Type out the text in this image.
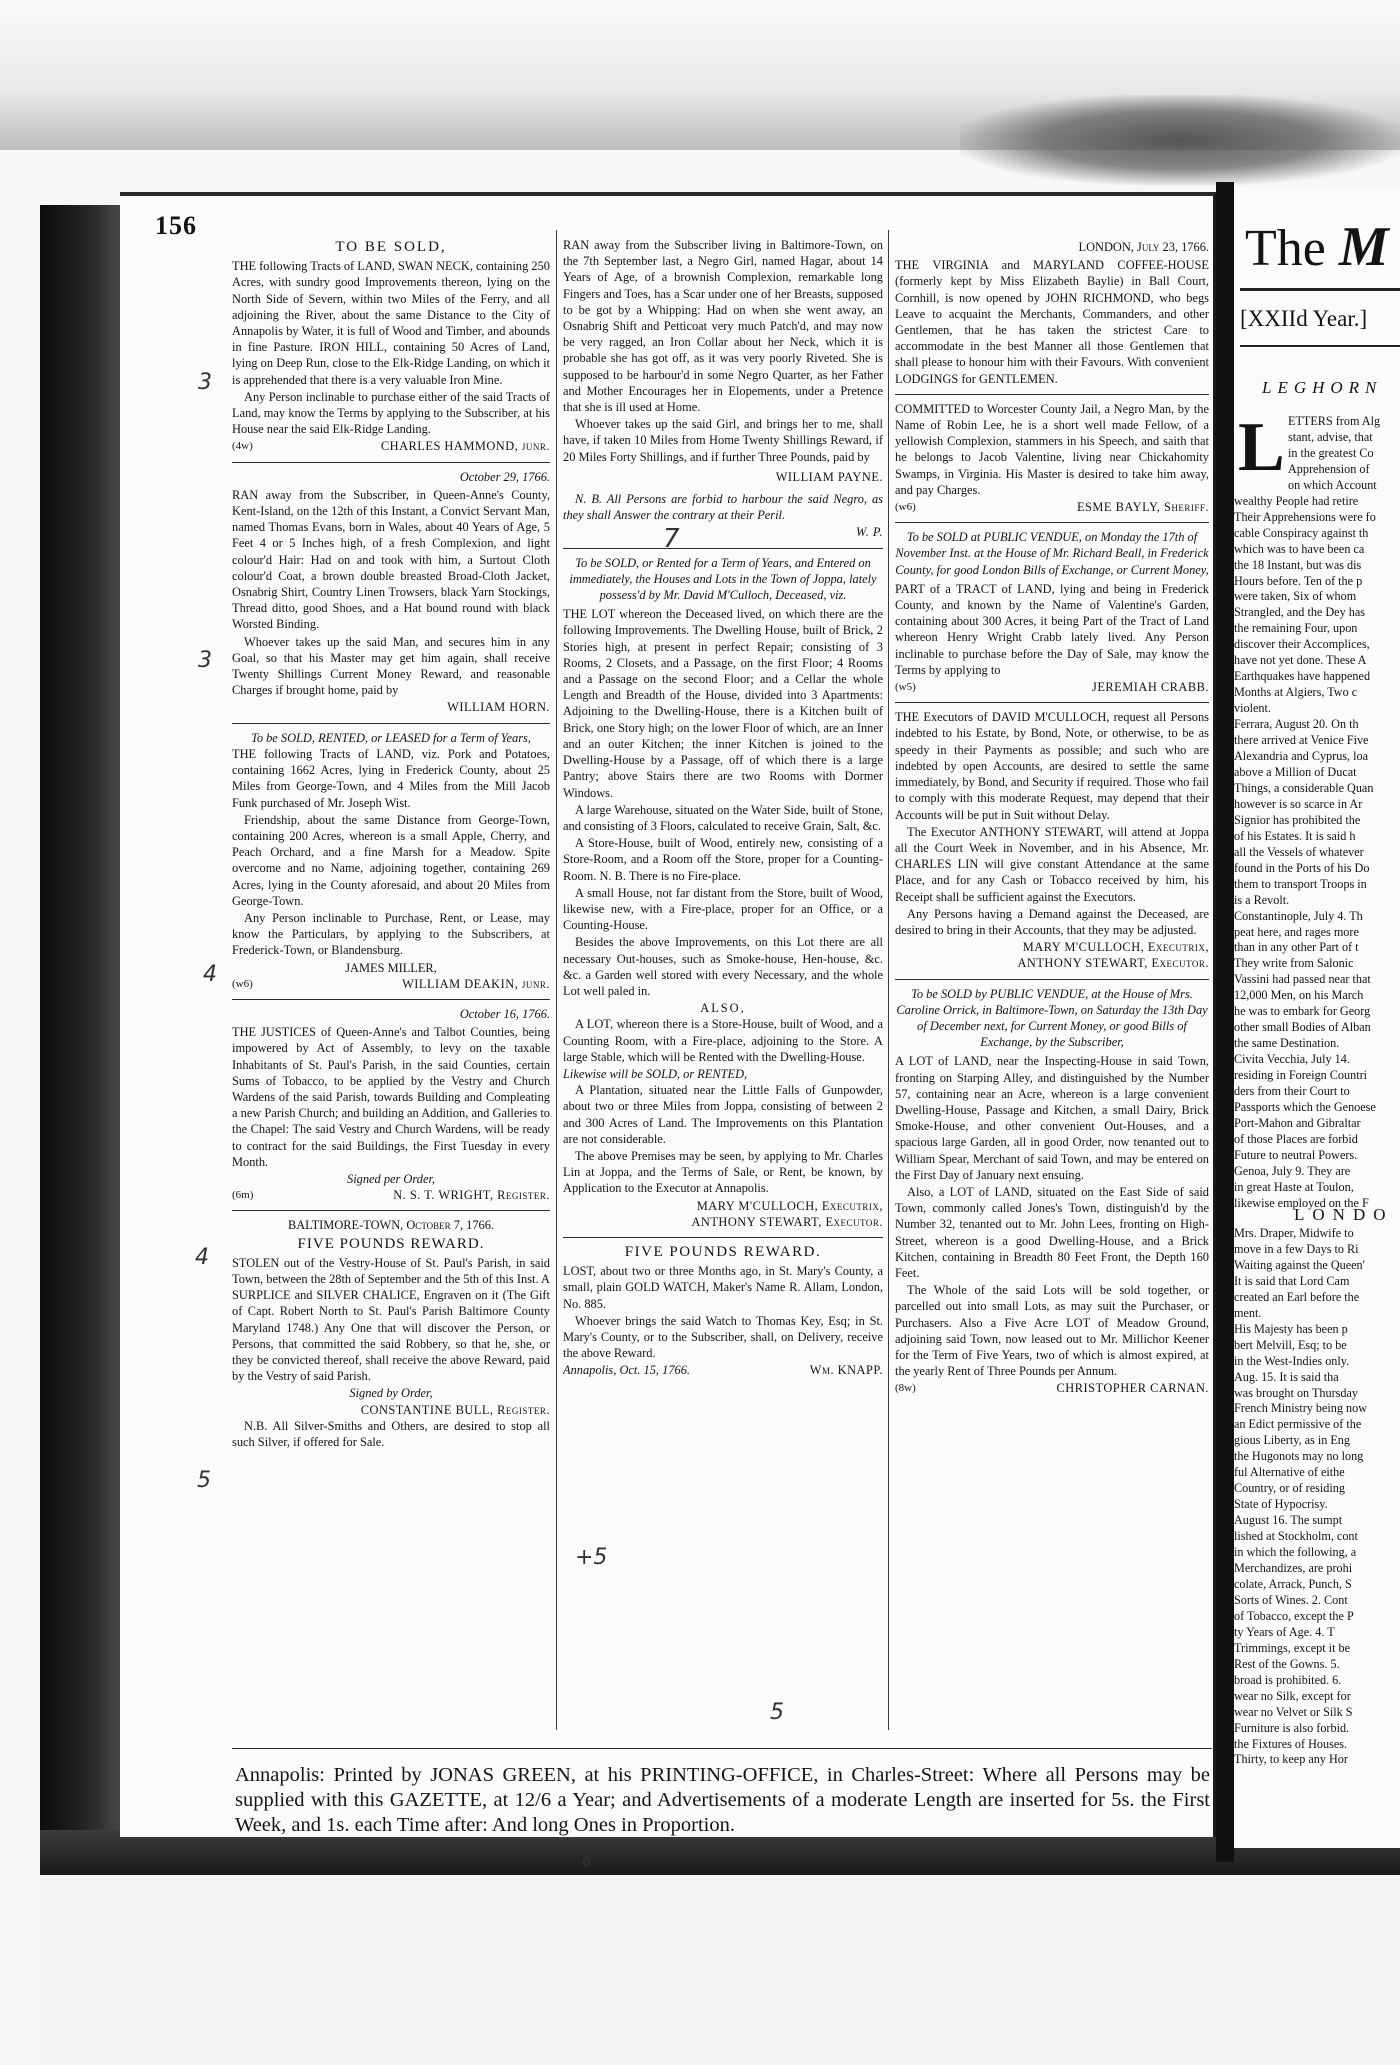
156
3
3
4
4
5
7
+5
5
6
TO BE SOLD,

THE following Tracts of LAND, SWAN NECK, containing 250 Acres, with sundry good Improvements thereon, lying on the North Side of Severn, within two Miles of the Ferry, and all adjoining the River, about the same Distance to the City of Annapolis by Water, it is full of Wood and Timber, and abounds in fine Pasture. IRON HILL, containing 50 Acres of Land, lying on Deep Run, close to the Elk-Ridge Landing, on which it is apprehended that there is a very valuable Iron Mine.

Any Person inclinable to purchase either of the said Tracts of Land, may know the Terms by applying to the Subscriber, at his House near the said Elk-Ridge Landing.

(4w)	CHARLES HAMMOND, junr.
October 29, 1766.

RAN away from the Subscriber, in Queen-Anne's County, Kent-Island, on the 12th of this Instant, a Convict Servant Man, named Thomas Evans, born in Wales, about 40 Years of Age, 5 Feet 4 or 5 Inches high, of a fresh Complexion, and light colour'd Hair: Had on and took with him, a Surtout Cloth colour'd Coat, a brown double breasted Broad-Cloth Jacket, Osnabrig Shirt, Country Linen Trowsers, black Yarn Stockings, Thread ditto, good Shoes, and a Hat bound round with black Worsted Binding.

Whoever takes up the said Man, and secures him in any Goal, so that his Master may get him again, shall receive Twenty Shillings Current Money Reward, and reasonable Charges if brought home, paid by

WILLIAM HORN.
To be SOLD, RENTED, or LEASED for a Term of Years,

THE following Tracts of LAND, viz. Pork and Potatoes, containing 1662 Acres, lying in Frederick County, about 25 Miles from George-Town, and 4 Miles from the Mill Jacob Funk purchased of Mr. Joseph Wist.

Friendship, about the same Distance from George-Town, containing 200 Acres, whereon is a small Apple, Cherry, and Peach Orchard, and a fine Marsh for a Meadow. Spite overcome and no Name, adjoining together, containing 269 Acres, lying in the County aforesaid, and about 20 Miles from George-Town.

Any Person inclinable to Purchase, Rent, or Lease, may know the Particulars, by applying to the Subscribers, at Frederick-Town, or Blandensburg.

JAMES MILLER,
(w6)	WILLIAM DEAKIN, junr.
October 16, 1766.

THE JUSTICES of Queen-Anne's and Talbot Counties, being impowered by Act of Assembly, to levy on the taxable Inhabitants of St. Paul's Parish, in the said Counties, certain Sums of Tobacco, to be applied by the Vestry and Church Wardens of the said Parish, towards Building and Compleating a new Parish Church; and building an Addition, and Galleries to the Chapel: The said Vestry and Church Wardens, will be ready to contract for the said Buildings, the First Tuesday in every Month.

Signed per Order,
(6m)	N. S. T. WRIGHT, Register.
BALTIMORE-TOWN, October 7, 1766.
FIVE POUNDS REWARD.

STOLEN out of the Vestry-House of St. Paul's Parish, in said Town, between the 28th of September and the 5th of this Inst. A SURPLICE and SILVER CHALICE, Engraven on it (The Gift of Capt. Robert North to St. Paul's Parish Baltimore County Maryland 1748.) Any One that will discover the Person, or Persons, that committed the said Robbery, so that he, she, or they be convicted thereof, shall receive the above Reward, paid by the Vestry of said Parish.

Signed by Order,
CONSTANTINE BULL, Register.

N.B. All Silver-Smiths and Others, are desired to stop all such Silver, if offered for Sale.

RAN away from the Subscriber living in Baltimore-Town, on the 7th September last, a Negro Girl, named Hagar, about 14 Years of Age, of a brownish Complexion, remarkable long Fingers and Toes, has a Scar under one of her Breasts, supposed to be got by a Whipping: Had on when she went away, an Osnabrig Shift and Petticoat very much Patch'd, and may now be very ragged, an Iron Collar about her Neck, which it is probable she has got off, as it was very poorly Riveted. She is supposed to be harbour'd in some Negro Quarter, as her Father and Mother Encourages her in Elopements, under a Pretence that she is ill used at Home.

Whoever takes up the said Girl, and brings her to me, shall have, if taken 10 Miles from Home Twenty Shillings Reward, if 20 Miles Forty Shillings, and if further Three Pounds, paid by

WILLIAM PAYNE.

N. B. All Persons are forbid to harbour the said Negro, as they shall Answer the contrary at their Peril.

W. P.
To be SOLD, or Rented for a Term of Years, and Entered on immediately, the Houses and Lots in the Town of Joppa, lately possess'd by Mr. David M'Culloch, Deceased, viz.

THE LOT whereon the Deceased lived, on which there are the following Improvements. The Dwelling House, built of Brick, 2 Stories high, at present in perfect Repair; consisting of 3 Rooms, 2 Closets, and a Passage, on the first Floor; 4 Rooms and a Passage on the second Floor; and a Cellar the whole Length and Breadth of the House, divided into 3 Apartments: Adjoining to the Dwelling-House, there is a Kitchen built of Brick, one Story high; on the lower Floor of which, are an Inner and an outer Kitchen; the inner Kitchen is joined to the Dwelling-House by a Passage, off of which there is a large Pantry; above Stairs there are two Rooms with Dormer Windows.

A large Warehouse, situated on the Water Side, built of Stone, and consisting of 3 Floors, calculated to receive Grain, Salt, &c.

A Store-House, built of Wood, entirely new, consisting of a Store-Room, and a Room off the Store, proper for a Counting-Room. N. B. There is no Fire-place.

A small House, not far distant from the Store, built of Wood, likewise new, with a Fire-place, proper for an Office, or a Counting-House.

Besides the above Improvements, on this Lot there are all necessary Out-houses, such as Smoke-house, Hen-house, &c. &c. a Garden well stored with every Necessary, and the whole Lot well paled in.

ALSO,

A LOT, whereon there is a Store-House, built of Wood, and a Counting Room, with a Fire-place, adjoining to the Store. A large Stable, which will be Rented with the Dwelling-House.

Likewise will be SOLD, or RENTED,

A Plantation, situated near the Little Falls of Gunpowder, about two or three Miles from Joppa, consisting of between 2 and 300 Acres of Land. The Improvements on this Plantation are not considerable.

The above Premises may be seen, by applying to Mr. Charles Lin at Joppa, and the Terms of Sale, or Rent, be known, by Application to the Executor at Annapolis.

MARY M'CULLOCH, Executrix,
ANTHONY STEWART, Executor.
FIVE POUNDS REWARD.

LOST, about two or three Months ago, in St. Mary's County, a small, plain GOLD WATCH, Maker's Name R. Allam, London, No. 885.

Whoever brings the said Watch to Thomas Key, Esq; in St. Mary's County, or to the Subscriber, shall, on Delivery, receive the above Reward.

Annapolis, Oct. 15, 1766.	Wm. KNAPP.
LONDON, July 23, 1766.

THE VIRGINIA and MARYLAND COFFEE-HOUSE (formerly kept by Miss Elizabeth Baylie) in Ball Court, Cornhill, is now opened by JOHN RICHMOND, who begs Leave to acquaint the Merchants, Commanders, and other Gentlemen, that he has taken the strictest Care to accommodate in the best Manner all those Gentlemen that shall please to honour him with their Favours. With convenient LODGINGS for GENTLEMEN.

COMMITTED to Worcester County Jail, a Negro Man, by the Name of Robin Lee, he is a short well made Fellow, of a yellowish Complexion, stammers in his Speech, and saith that he belongs to Jacob Valentine, living near Chickahomity Swamps, in Virginia. His Master is desired to take him away, and pay Charges.

(w6)	ESME BAYLY, Sheriff.
To be SOLD at PUBLIC VENDUE, on Monday the 17th of November Inst. at the House of Mr. Richard Beall, in Frederick County, for good London Bills of Exchange, or Current Money,

PART of a TRACT of LAND, lying and being in Frederick County, and known by the Name of Valentine's Garden, containing about 300 Acres, it being Part of the Tract of Land whereon Henry Wright Crabb lately lived. Any Person inclinable to purchase before the Day of Sale, may know the Terms by applying to

(w5)	JEREMIAH CRABB.

THE Executors of DAVID M'CULLOCH, request all Persons indebted to his Estate, by Bond, Note, or otherwise, to be as speedy in their Payments as possible; and such who are indebted by open Accounts, are desired to settle the same immediately, by Bond, and Security if required. Those who fail to comply with this moderate Request, may depend that their Accounts will be put in Suit without Delay.

The Executor ANTHONY STEWART, will attend at Joppa all the Court Week in November, and in his Absence, Mr. CHARLES LIN will give constant Attendance at the same Place, and for any Cash or Tobacco received by him, his Receipt shall be sufficient against the Executors.

Any Persons having a Demand against the Deceased, are desired to bring in their Accounts, that they may be adjusted.

MARY M'CULLOCH, Executrix,
ANTHONY STEWART, Executor.
To be SOLD by PUBLIC VENDUE, at the House of Mrs. Caroline Orrick, in Baltimore-Town, on Saturday the 13th Day of December next, for Current Money, or good Bills of Exchange, by the Subscriber,

A LOT of LAND, near the Inspecting-House in said Town, fronting on Starping Alley, and distinguished by the Number 57, containing near an Acre, whereon is a large convenient Dwelling-House, Passage and Kitchen, a small Dairy, Brick Smoke-House, and other convenient Out-Houses, and a spacious large Garden, all in good Order, now tenanted out to William Spear, Merchant of said Town, and may be entered on the First Day of January next ensuing.

Also, a LOT of LAND, situated on the East Side of said Town, commonly called Jones's Town, distinguish'd by the Number 32, tenanted out to Mr. John Lees, fronting on High-Street, whereon is a good Dwelling-House, and a Brick Kitchen, containing in Breadth 80 Feet Front, the Depth 160 Feet.

The Whole of the said Lots will be sold together, or parcelled out into small Lots, as may suit the Purchaser, or Purchasers. Also a Five Acre LOT of Meadow Ground, adjoining said Town, now leased out to Mr. Millichor Keener for the Term of Five Years, two of which is almost expired, at the yearly Rent of Three Pounds per Annum.

(8w)	CHRISTOPHER CARNAN.
Annapolis: Printed by JONAS GREEN, at his PRINTING-OFFICE, in Charles-Street: Where all Persons may be supplied with this GAZETTE, at 12/6 a Year; and Advertisements of a moderate Length are inserted for 5s. the First Week, and 1s. each Time after: And long Ones in Proportion.
The M
[XXIId Year.]
LEGHORN
L ETTERS from Alg
stant, advise, that
in the greatest Co
Apprehension of
on which Account
wealthy People had retire
Their Apprehensions were fo
cable Conspiracy against th
which was to have been ca
the 18 Instant, but was dis
Hours before. Ten of the p
were taken, Six of whom
Strangled, and the Dey has
the remaining Four, upon
discover their Accomplices,
have not yet done. These A
Earthquakes have happened
Months at Algiers, Two c
violent.
Ferrara, August 20. On th
there arrived at Venice Five
Alexandria and Cyprus, loa
above a Million of Ducat
Things, a considerable Quan
however is so scarce in Ar
Signior has prohibited the
of his Estates. It is said h
all the Vessels of whatever
found in the Ports of his Do
them to transport Troops in
is a Revolt.
Constantinople, July 4. Th
peat here, and rages more
than in any other Part of t
They write from Salonic
Vassini had passed near that
12,000 Men, on his March
he was to embark for Georg
other small Bodies of Alban
the same Destination.
Civita Vecchia, July 14.
residing in Foreign Countri
ders from their Court to
Passports which the Genoese
Port-Mahon and Gibraltar
of those Places are forbid
Future to neutral Powers.
Genoa, July 9. They are
in great Haste at Toulon,
likewise employed on the F
LONDO
Mrs. Draper, Midwife to
move in a few Days to Ri
Waiting against the Queen'
It is said that Lord Cam
created an Earl before the
ment.
His Majesty has been p
bert Melvill, Esq; to be
in the West-Indies only.
Aug. 15. It is said tha
was brought on Thursday
French Ministry being now
an Edict permissive of the
gious Liberty, as in Eng
the Hugonots may no long
ful Alternative of eithe
Country, or of residing
State of Hypocrisy.
August 16. The sumpt
lished at Stockholm, cont
in which the following, a
Merchandizes, are prohi
colate, Arrack, Punch, S
Sorts of Wines. 2. Cont
of Tobacco, except the P
ty Years of Age. 4. T
Trimmings, except it be
Rest of the Gowns. 5.
broad is prohibited. 6.
wear no Silk, except for
wear no Velvet or Silk S
Furniture is also forbid.
the Fixtures of Houses.
Thirty, to keep any Hor
